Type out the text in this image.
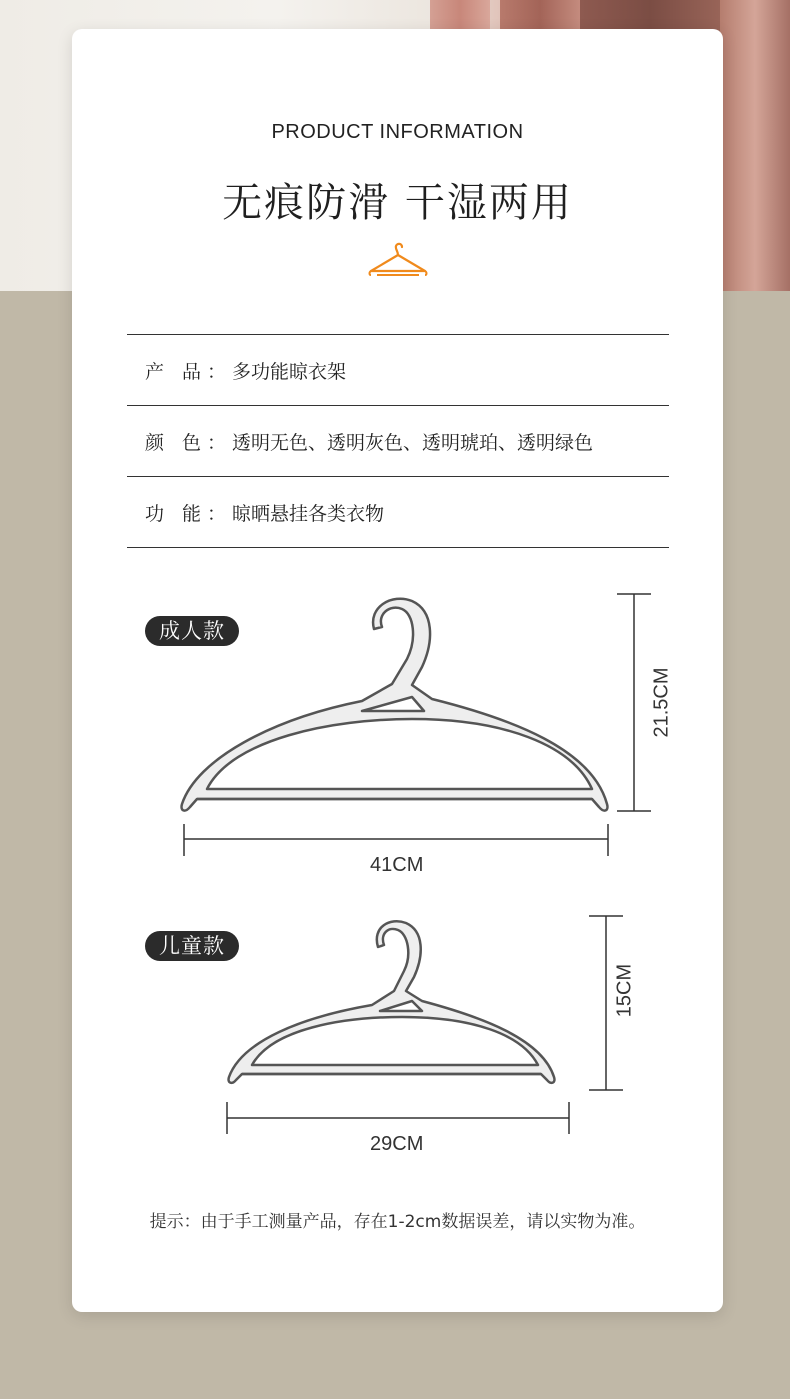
PRODUCT INFORMATION
无痕防滑 干湿两用
产 品： 多功能晾衣架
颜 色： 透明无色、透明灰色、透明琥珀、透明绿色
功 能： 晾晒悬挂各类衣物
成人款
41CM
21.5CM
儿童款
29CM
15CM
提示：由于手工测量产品，存在1-2cm数据误差，请以实物为准。
